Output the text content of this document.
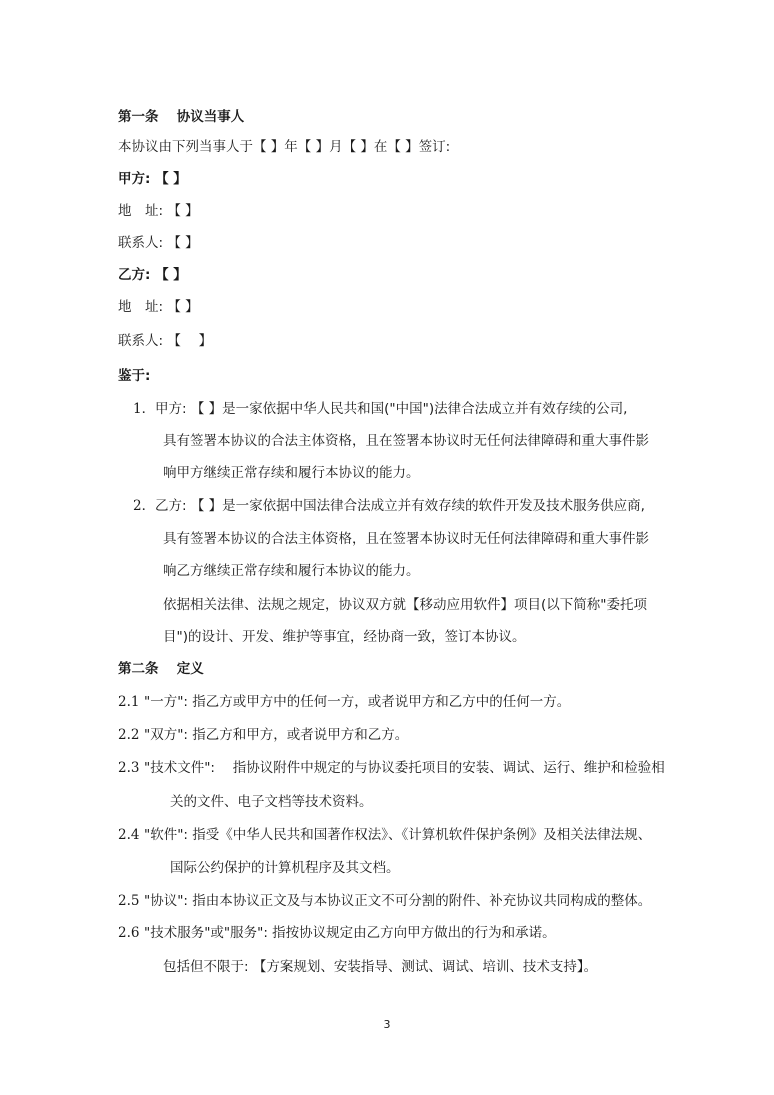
第一条　 协议当事人
本协议由下列当事人于【 】年【 】月【 】在【 】签订:
甲方: 【 】
地　址: 【 】
联系人: 【 】
乙方: 【 】
地　址: 【 】
联系人: 【　 】
鉴于:
1． 甲方: 【 】是一家依据中华人民共和国("中国")法律合法成立并有效存续的公司,
具有签署本协议的合法主体资格，且在签署本协议时无任何法律障碍和重大事件影
响甲方继续正常存续和履行本协议的能力。
2． 乙方: 【 】是一家依据中国法律合法成立并有效存续的软件开发及技术服务供应商,
具有签署本协议的合法主体资格，且在签署本协议时无任何法律障碍和重大事件影
响乙方继续正常存续和履行本协议的能力。
依据相关法律、法规之规定，协议双方就【移动应用软件】项目(以下简称"委托项
目")的设计、开发、维护等事宜，经协商一致，签订本协议。
第二条　 定义
2.1 "一方": 指乙方或甲方中的任何一方，或者说甲方和乙方中的任何一方。
2.2 "双方": 指乙方和甲方，或者说甲方和乙方。
2.3 "技术文件":　 指协议附件中规定的与协议委托项目的安装、调试、运行、维护和检验相
关的文件、电子文档等技术资料。
2.4 "软件": 指受《中华人民共和国著作权法》、《计算机软件保护条例》及相关法律法规、
国际公约保护的计算机程序及其文档。
2.5 "协议": 指由本协议正文及与本协议正文不可分割的附件、补充协议共同构成的整体。
2.6 "技术服务"或"服务": 指按协议规定由乙方向甲方做出的行为和承诺。
包括但不限于: 【方案规划、安装指导、测试、调试、培训、技术支持】。
3
